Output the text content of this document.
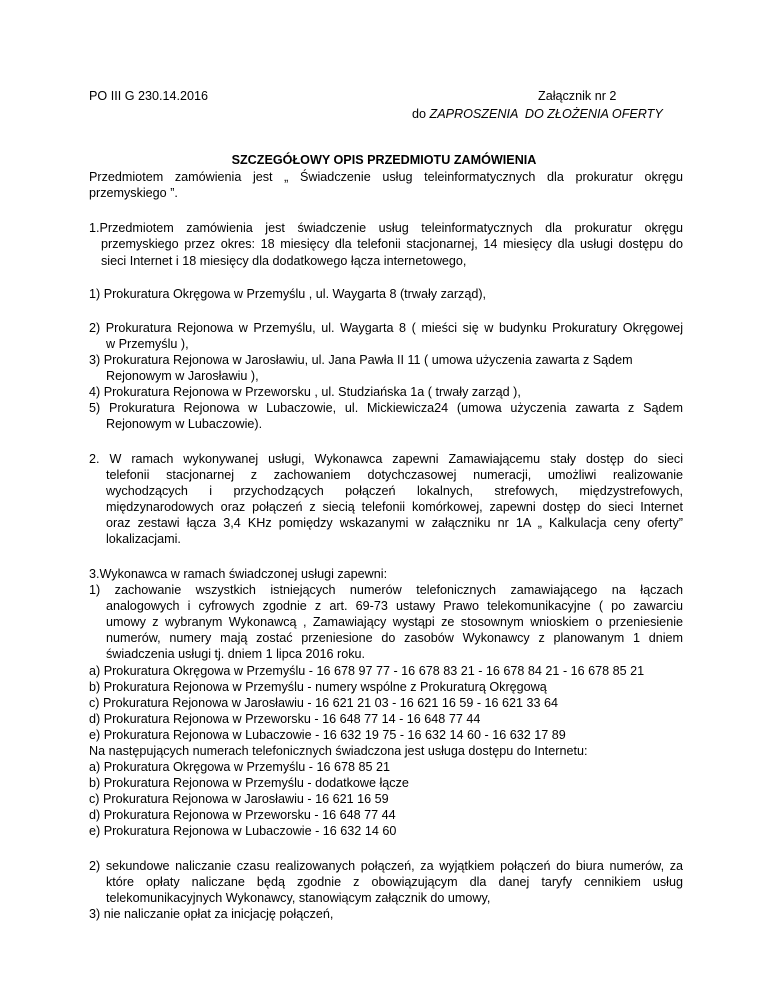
PO III G 230.14.2016	Załącznik nr 2
do ZAPROSZENIA  DO ZŁOŻENIA OFERTY
SZCZEGÓŁOWY OPIS PRZEDMIOTU ZAMÓWIENIA
Przedmiotem zamówienia jest „ Świadczenie usług teleinformatycznych dla prokuratur okręgu
przemyskiego ”.
1.Przedmiotem zamówienia jest świadczenie usług teleinformatycznych dla prokuratur okręgu
przemyskiego przez okres: 18 miesięcy dla telefonii stacjonarnej, 14 miesięcy dla usługi dostępu do
sieci Internet i 18 miesięcy dla dodatkowego łącza internetowego,
1) Prokuratura Okręgowa w Przemyślu , ul. Waygarta 8 (trwały zarząd),
2) Prokuratura Rejonowa w Przemyślu, ul. Waygarta 8 ( mieści się w budynku Prokuratury Okręgowej
w Przemyślu ),
3) Prokuratura Rejonowa w Jarosławiu, ul. Jana Pawła II 11 ( umowa użyczenia zawarta z Sądem
Rejonowym w Jarosławiu ),
4) Prokuratura Rejonowa w Przeworsku , ul. Studziańska 1a ( trwały zarząd ),
5) Prokuratura Rejonowa w Lubaczowie, ul. Mickiewicza24 (umowa użyczenia zawarta z Sądem
Rejonowym w Lubaczowie).
2. W ramach wykonywanej usługi, Wykonawca zapewni Zamawiającemu stały dostęp do sieci
telefonii stacjonarnej z zachowaniem dotychczasowej numeracji, umożliwi realizowanie
wychodzących i przychodzących połączeń lokalnych, strefowych, międzystrefowych,
międzynarodowych oraz połączeń z siecią telefonii komórkowej, zapewni dostęp do sieci Internet
oraz zestawi łącza 3,4 KHz pomiędzy wskazanymi w załączniku nr 1A „ Kalkulacja ceny oferty”
lokalizacjami.
3.Wykonawca w ramach świadczonej usługi zapewni:
1) zachowanie wszystkich istniejących numerów telefonicznych zamawiającego na łączach
analogowych i cyfrowych zgodnie z art. 69-73 ustawy Prawo telekomunikacyjne ( po zawarciu
umowy z wybranym Wykonawcą , Zamawiający wystąpi ze stosownym wnioskiem o przeniesienie
numerów, numery mają zostać przeniesione do zasobów Wykonawcy z planowanym 1 dniem
świadczenia usługi tj. dniem 1 lipca 2016 roku.
a) Prokuratura Okręgowa w Przemyślu - 16 678 97 77 - 16 678 83 21 - 16 678 84 21 - 16 678 85 21
b) Prokuratura Rejonowa w Przemyślu - numery wspólne z Prokuraturą Okręgową
c) Prokuratura Rejonowa w Jarosławiu - 16 621 21 03 - 16 621 16 59 - 16 621 33 64
d) Prokuratura Rejonowa w Przeworsku - 16 648 77 14 - 16 648 77 44
e) Prokuratura Rejonowa w Lubaczowie - 16 632 19 75 - 16 632 14 60 - 16 632 17 89
Na następujących numerach telefonicznych świadczona jest usługa dostępu do Internetu:
a) Prokuratura Okręgowa w Przemyślu - 16 678 85 21
b) Prokuratura Rejonowa w Przemyślu - dodatkowe łącze
c) Prokuratura Rejonowa w Jarosławiu - 16 621 16 59
d) Prokuratura Rejonowa w Przeworsku - 16 648 77 44
e) Prokuratura Rejonowa w Lubaczowie - 16 632 14 60
2) sekundowe naliczanie czasu realizowanych połączeń, za wyjątkiem połączeń do biura numerów, za
które opłaty naliczane będą zgodnie z obowiązującym dla danej taryfy cennikiem usług
telekomunikacyjnych Wykonawcy, stanowiącym załącznik do umowy,
3) nie naliczanie opłat za inicjację połączeń,
